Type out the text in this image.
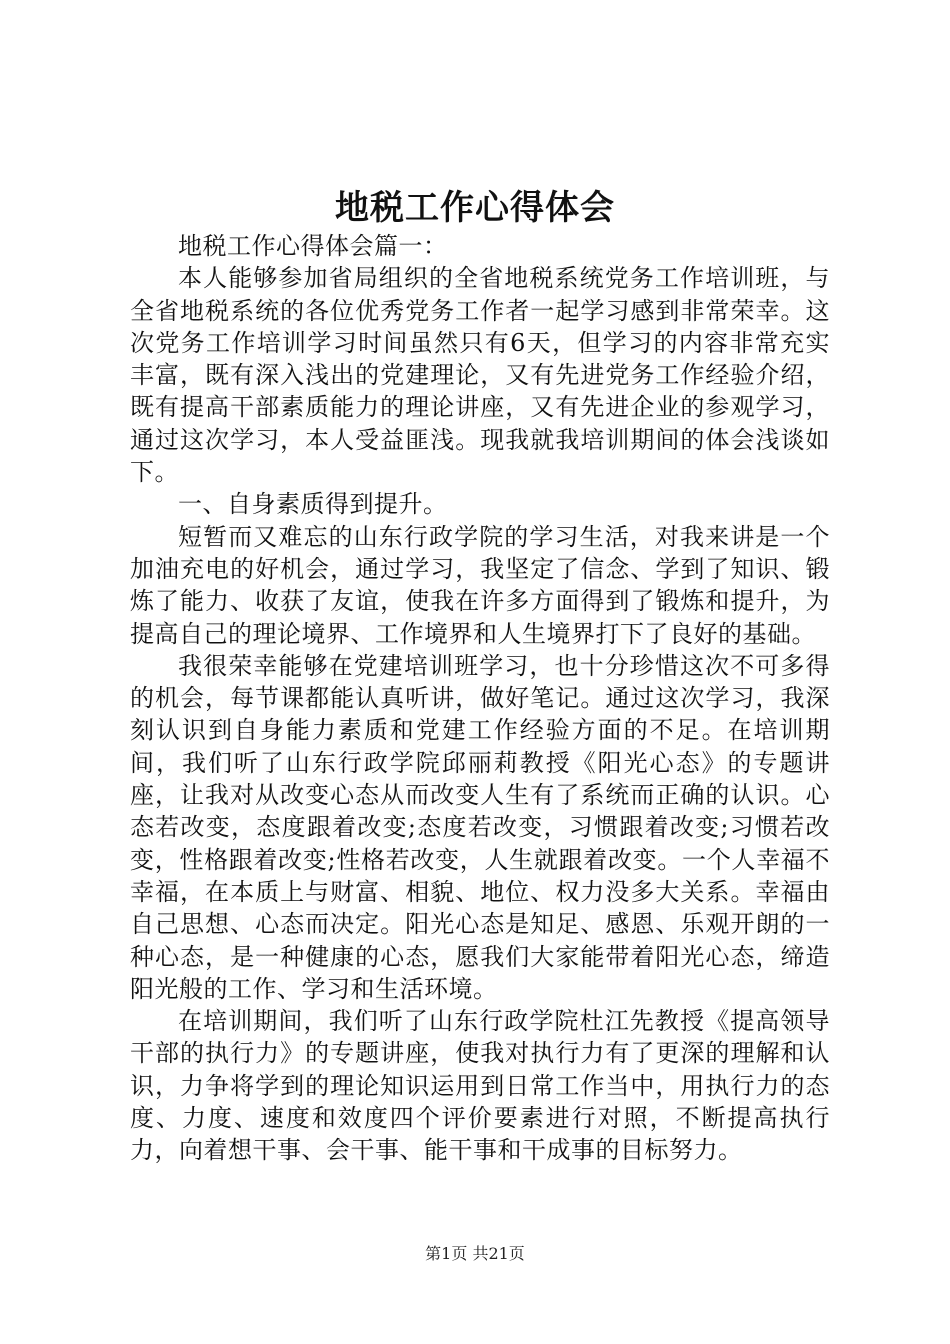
地税工作心得体会

地税工作心得体会篇一：

本人能够参加省局组织的全省地税系统党务工作培训班，与全省地税系统的各位优秀党务工作者一起学习感到非常荣幸。这次党务工作培训学习时间虽然只有6天，但学习的内容非常充实丰富，既有深入浅出的党建理论，又有先进党务工作经验介绍，既有提高干部素质能力的理论讲座，又有先进企业的参观学习，通过这次学习，本人受益匪浅。现我就我培训期间的体会浅谈如下。

一、自身素质得到提升。

短暂而又难忘的山东行政学院的学习生活，对我来讲是一个加油充电的好机会，通过学习，我坚定了信念、学到了知识、锻炼了能力、收获了友谊，使我在许多方面得到了锻炼和提升，为提高自己的理论境界、工作境界和人生境界打下了良好的基础。

我很荣幸能够在党建培训班学习，也十分珍惜这次不可多得的机会，每节课都能认真听讲，做好笔记。通过这次学习，我深刻认识到自身能力素质和党建工作经验方面的不足。在培训期间，我们听了山东行政学院邱丽莉教授《阳光心态》的专题讲座，让我对从改变心态从而改变人生有了系统而正确的认识。心态若改变，态度跟着改变;态度若改变，习惯跟着改变;习惯若改变，性格跟着改变;性格若改变，人生就跟着改变。一个人幸福不幸福，在本质上与财富、相貌、地位、权力没多大关系。幸福由自己思想、心态而决定。阳光心态是知足、感恩、乐观开朗的一种心态，是一种健康的心态，愿我们大家能带着阳光心态，缔造阳光般的工作、学习和生活环境。

在培训期间，我们听了山东行政学院杜江先教授《提高领导干部的执行力》的专题讲座，使我对执行力有了更深的理解和认识，力争将学到的理论知识运用到日常工作当中，用执行力的态度、力度、速度和效度四个评价要素进行对照，不断提高执行力，向着想干事、会干事、能干事和干成事的目标努力。

第1页 共21页
